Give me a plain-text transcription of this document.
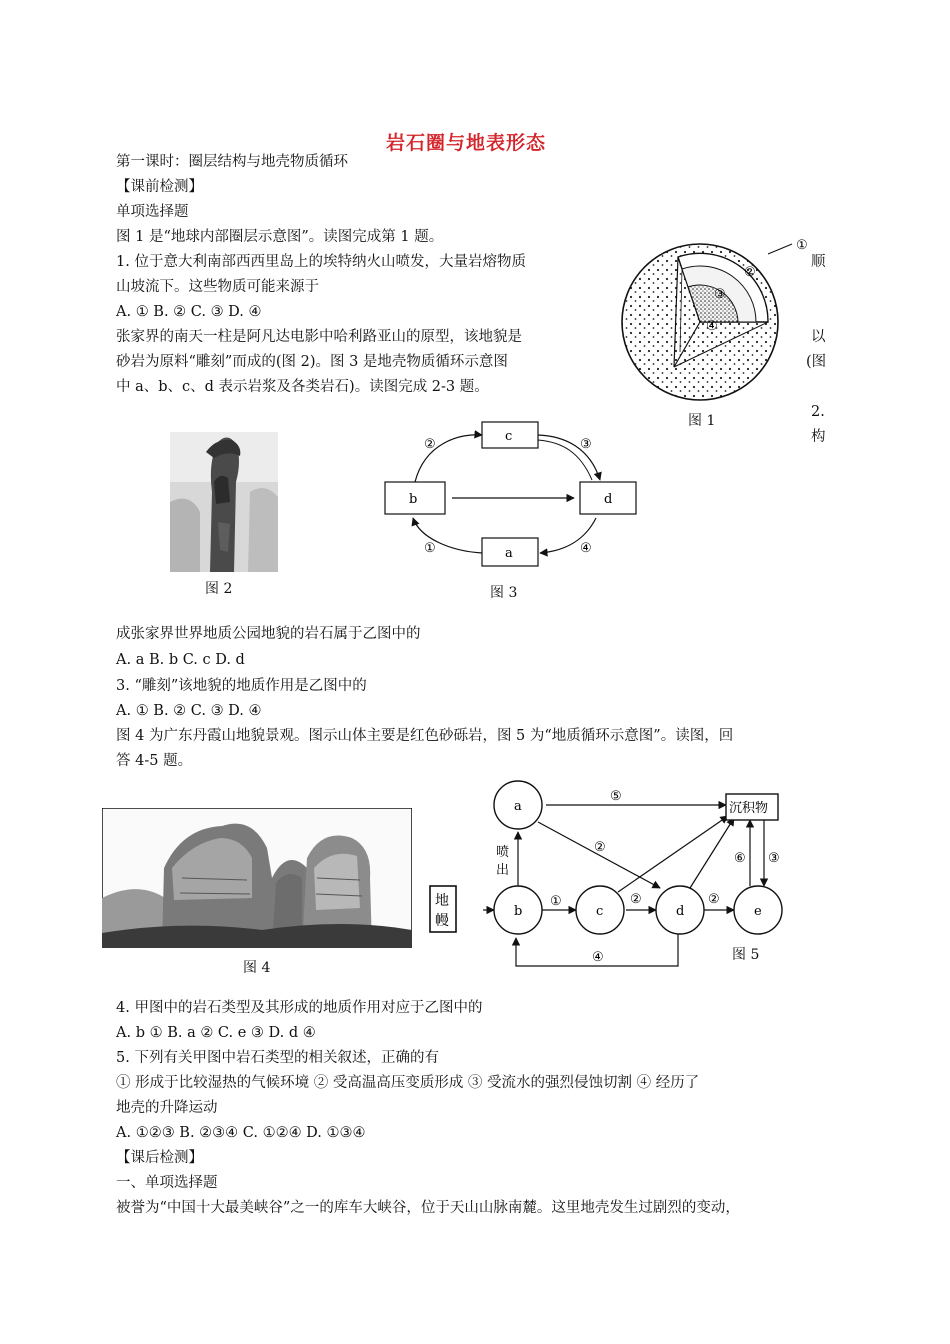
岩石圈与地表形态
第一课时：圈层结构与地壳物质循环
【课前检测】
单项选择题
图 1 是“地球内部圈层示意图”。读图完成第 1 题。
1. 位于意大利南部西西里岛上的埃特纳火山喷发，大量岩熔物质	顺
山坡流下。这些物质可能来源于
A. ① B. ② C. ③ D. ④
张家界的南天一柱是阿凡达电影中哈利路亚山的原型，该地貌是	以
砂岩为原料“雕刻”而成的(图 2)。图 3 是地壳物质循环示意图	(图
中 a、b、c、d 表示岩浆及各类岩石)。读图完成 2-3 题。
2.
构
①
②
③
④
图 1
图 2
c
b	d
a
②	③
①	④
图 3
成张家界世界地质公园地貌的岩石属于乙图中的
A. a B. b C. c D. d
3. “雕刻”该地貌的地质作用是乙图中的
A. ① B. ② C. ③ D. ④
图 4 为广东丹霞山地貌景观。图示山体主要是红色砂砾岩，图 5 为“地质循环示意图”。读图，回
答 4-5 题。
图 4
a
b	c	d	e
地
幔
沉积物
喷
出
⑤
②
①	②	②
④
⑥ ③
图 5
4. 甲图中的岩石类型及其形成的地质作用对应于乙图中的
A. b ① B. a ② C. e ③ D. d ④
5. 下列有关甲图中岩石类型的相关叙述，正确的有
① 形成于比较湿热的气候环境 ② 受高温高压变质形成 ③ 受流水的强烈侵蚀切割 ④ 经历了
地壳的升降运动
A. ①②③ B. ②③④ C. ①②④ D. ①③④
【课后检测】
一、单项选择题
被誉为“中国十大最美峡谷”之一的库车大峡谷，位于天山山脉南麓。这里地壳发生过剧烈的变动，
